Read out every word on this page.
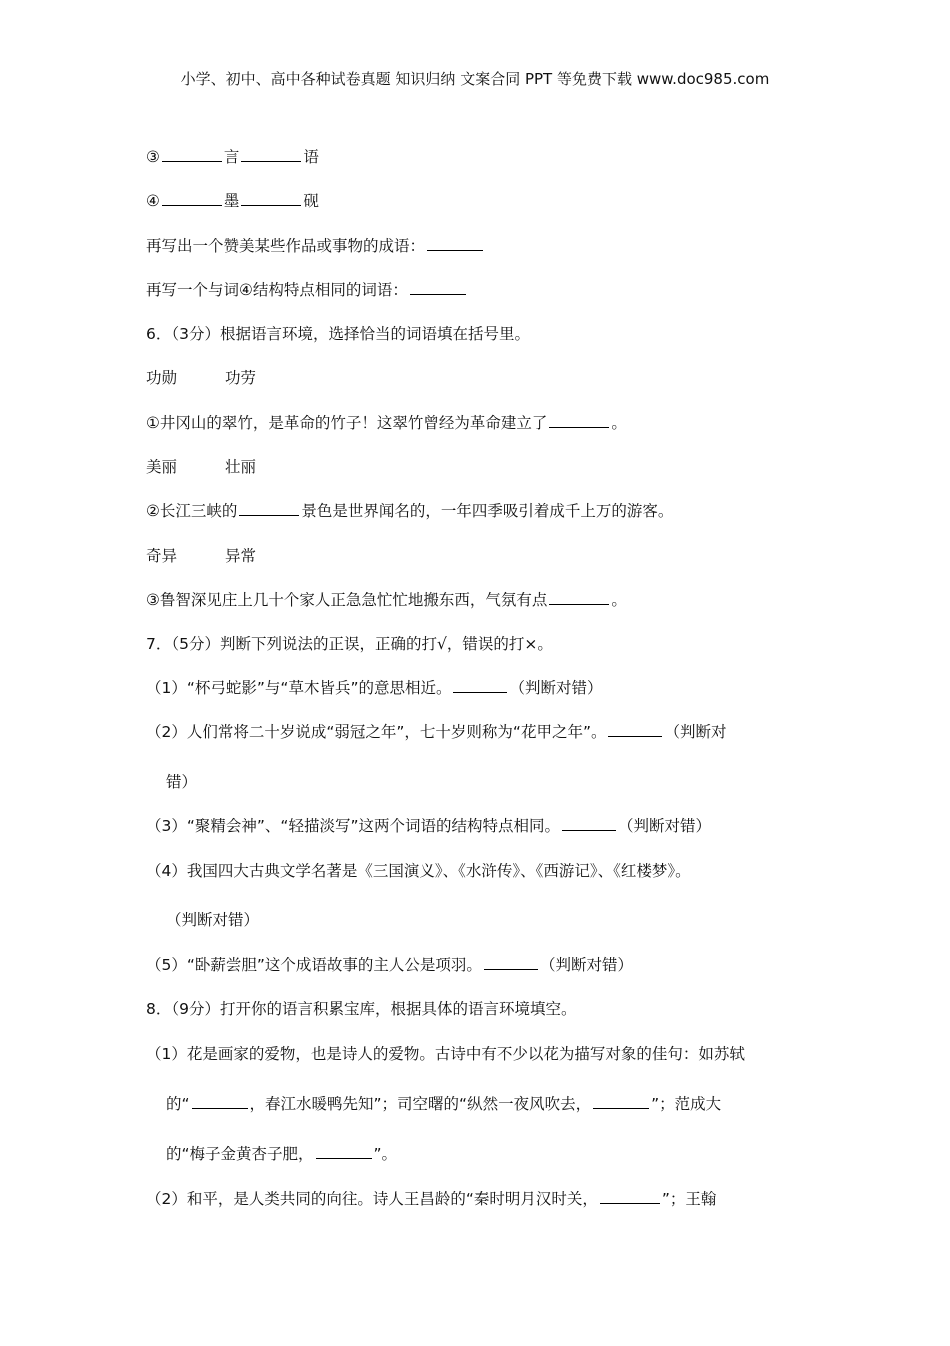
小学、初中、高中各种试卷真题 知识归纳 文案合同 PPT 等免费下载 www.doc985.com
③	言	语
④	墨	砚
再写出一个赞美某些作品或事物的成语：
再写一个与词④结构特点相同的词语：
6．（3分）根据语言环境，选择恰当的词语填在括号里。
功勋	功劳
①井冈山的翠竹，是革命的竹子！这翠竹曾经为革命建立了	。
美丽	壮丽
②长江三峡的	景色是世界闻名的，一年四季吸引着成千上万的游客。
奇异	异常
③鲁智深见庄上几十个家人正急急忙忙地搬东西，气氛有点	。
7．（5分）判断下列说法的正误，正确的打√，错误的打×。
（1）“杯弓蛇影”与“草木皆兵”的意思相近。	（判断对错）
（2）人们常将二十岁说成“弱冠之年”，七十岁则称为“花甲之年”。	（判断对
错）
（3）“聚精会神”、“轻描淡写”这两个词语的结构特点相同。	（判断对错）
（4）我国四大古典文学名著是《三国演义》、《水浒传》、《西游记》、《红楼梦》。
（判断对错）
（5）“卧薪尝胆”这个成语故事的主人公是项羽。	（判断对错）
8．（9分）打开你的语言积累宝库，根据具体的语言环境填空。
（1）花是画家的爱物，也是诗人的爱物。古诗中有不少以花为描写对象的佳句：如苏轼
的“	，春江水暖鸭先知”；司空曙的“纵然一夜风吹去，	”；范成大
的“梅子金黄杏子肥，	”。
（2）和平，是人类共同的向往。诗人王昌龄的“秦时明月汉时关，	”；王翰
